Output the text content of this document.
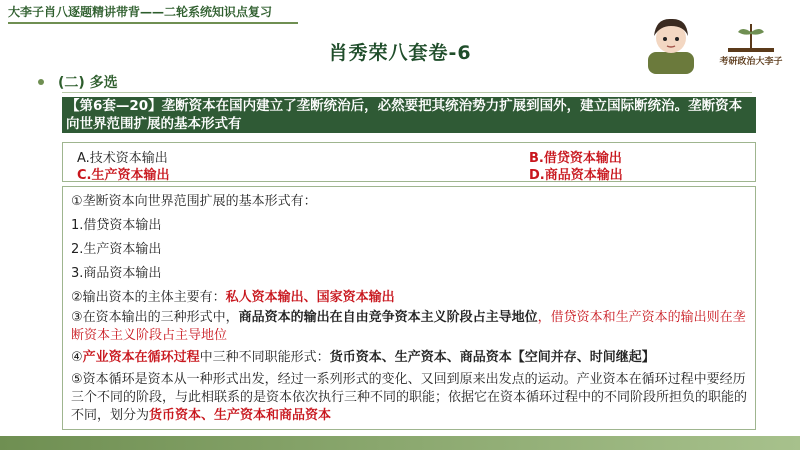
大李子肖八逐题精讲带背——二轮系统知识点复习
肖秀荣八套卷-6	考研政治大李子
(二) 多选
【第6套—20】垄断资本在国内建立了垄断统治后，必然要把其统治势力扩展到国外，建立国际断统治。垄断资本向世界范围扩展的基本形式有
A.技术资本输出	B.借贷资本输出
C.生产资本输出	D.商品资本输出
①垄断资本向世界范围扩展的基本形式有：
1.借贷资本输出
2.生产资本输出
3.商品资本输出
②输出资本的主体主要有：私人资本输出、国家资本输出
③在资本输出的三种形式中，商品资本的输出在自由竞争资本主义阶段占主导地位，借贷资本和生产资本的输出则在垄断资本主义阶段占主导地位
④产业资本在循环过程中三种不同职能形式：货币资本、生产资本、商品资本【空间并存、时间继起】
⑤资本循环是资本从一种形式出发，经过一系列形式的变化、又回到原来出发点的运动。产业资本在循环过程中要经历三个不同的阶段，与此相联系的是资本依次执行三种不同的职能；依据它在资本循环过程中的不同阶段所担负的职能的不同，划分为货币资本、生产资本和商品资本
